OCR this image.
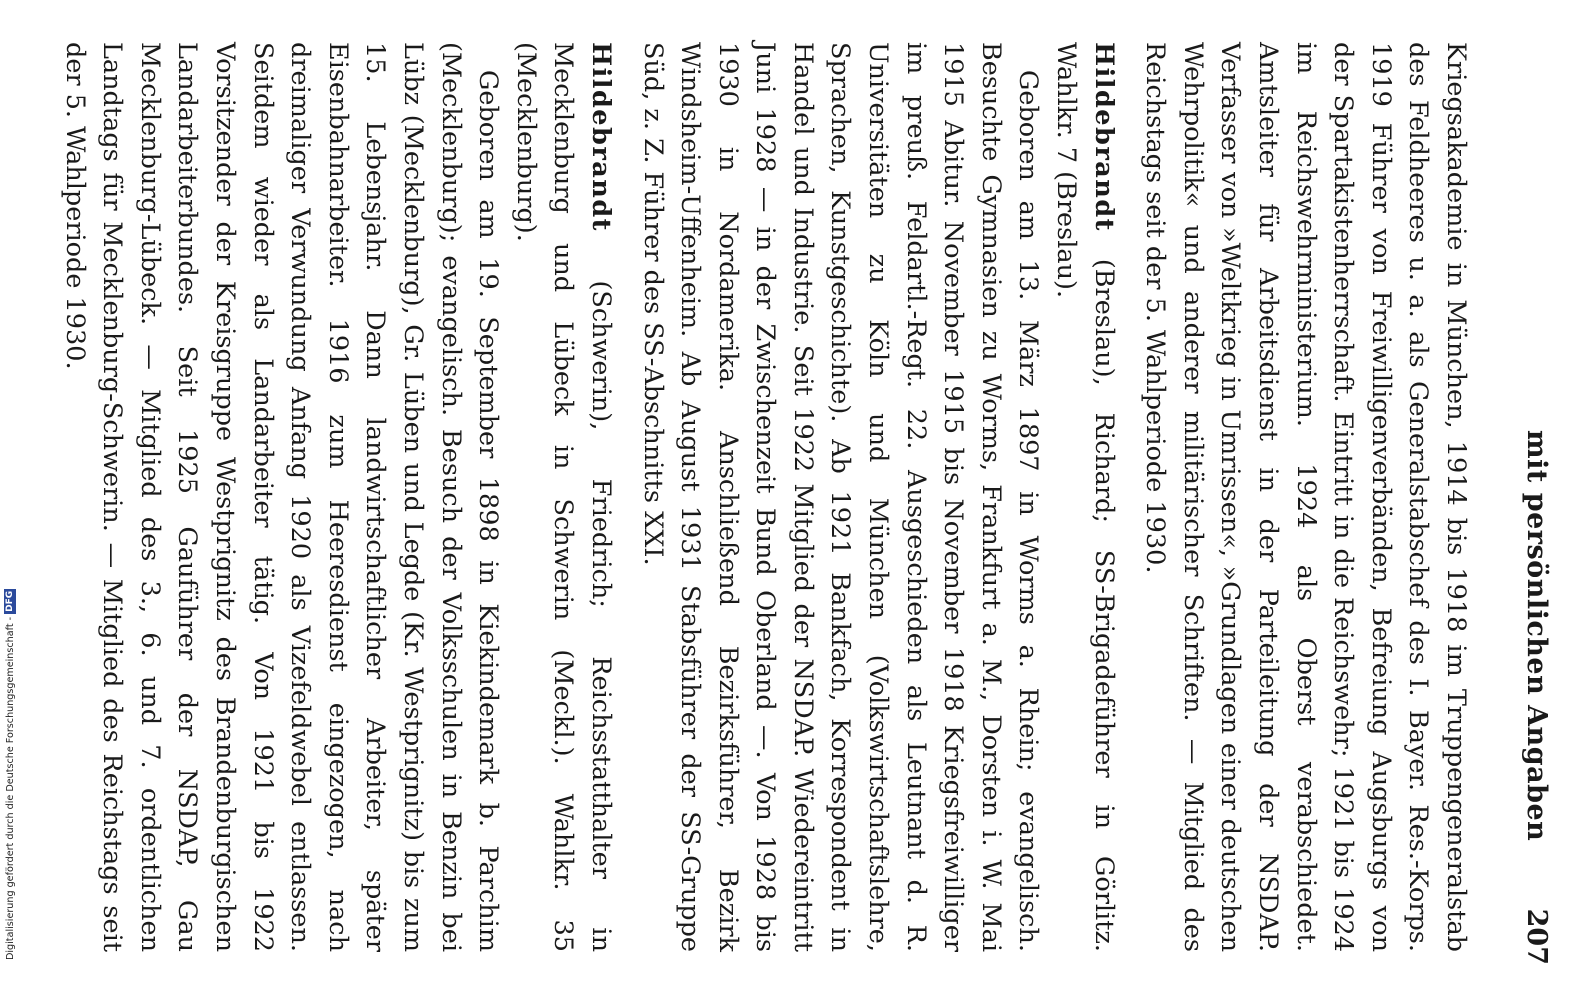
mit persönlichen Angaben
207

Kriegsakademie in München, 1914 bis 1918 im Truppengeneralstab des Feldheeres u. a. als Generalstabschef des I. Bayer. Res.-Korps. 1919 Führer von Freiwilligenverbänden, Befreiung Augsburgs von der Spartakistenherrschaft. Eintritt in die Reichswehr; 1921 bis 1924 im Reichswehrministerium. 1924 als Oberst verabschiedet. Amtsleiter für Arbeitsdienst in der Parteileitung der NSDAP. Verfasser von »Weltkrieg in Umrissen«, »Grundlagen einer deutschen Wehrpolitik« und anderer militärischer Schriften. — Mitglied des Reichstags seit der 5. Wahlperiode 1930.

Hildebrandt (Breslau), Richard; SS-Brigadeführer in Görlitz. Wahlkr. 7 (Breslau).

Geboren am 13. März 1897 in Worms a. Rhein; evangelisch. Besuchte Gymnasien zu Worms, Frankfurt a. M., Dorsten i. W. Mai 1915 Abitur. November 1915 bis November 1918 Kriegsfreiwilliger im preuß. Feldartl.-Regt. 22. Ausgeschieden als Leutnant d. R. Universitäten zu Köln und München (Volkswirtschaftslehre, Sprachen, Kunstgeschichte). Ab 1921 Bankfach, Korrespondent in Handel und Industrie. Seit 1922 Mitglied der NSDAP. Wiedereintritt Juni 1928 — in der Zwischenzeit Bund Oberland —. Von 1928 bis 1930 in Nordamerika. Anschließend Bezirksführer, Bezirk Windsheim-Uffenheim. Ab August 1931 Stabsführer der SS-Gruppe Süd, z. Z. Führer des SS-Abschnitts XXI.

Hildebrandt (Schwerin), Friedrich; Reichsstatthalter in Mecklenburg und Lübeck in Schwerin (Meckl.). Wahlkr. 35 (Mecklenburg).

Geboren am 19. September 1898 in Kiekindemark b. Parchim (Mecklenburg); evangelisch. Besuch der Volksschulen in Benzin bei Lübz (Mecklenburg), Gr. Lüben und Legde (Kr. Westprignitz) bis zum 15. Lebensjahr. Dann landwirtschaftlicher Arbeiter, später Eisenbahnarbeiter. 1916 zum Heeresdienst eingezogen, nach dreimaliger Verwundung Anfang 1920 als Vizefeldwebel entlassen. Seitdem wieder als Landarbeiter tätig. Von 1921 bis 1922 Vorsitzender der Kreisgruppe Westprignitz des Brandenburgischen Landarbeiterbundes. Seit 1925 Gauführer der NSDAP, Gau Mecklenburg-Lübeck. — Mitglied des 3., 6. und 7. ordentlichen Landtags für Mecklenburg-Schwerin. — Mitglied des Reichstags seit der 5. Wahlperiode 1930.

Digitalisierung gefördert durch die Deutsche Forschungsgemeinschaft -
DFG
